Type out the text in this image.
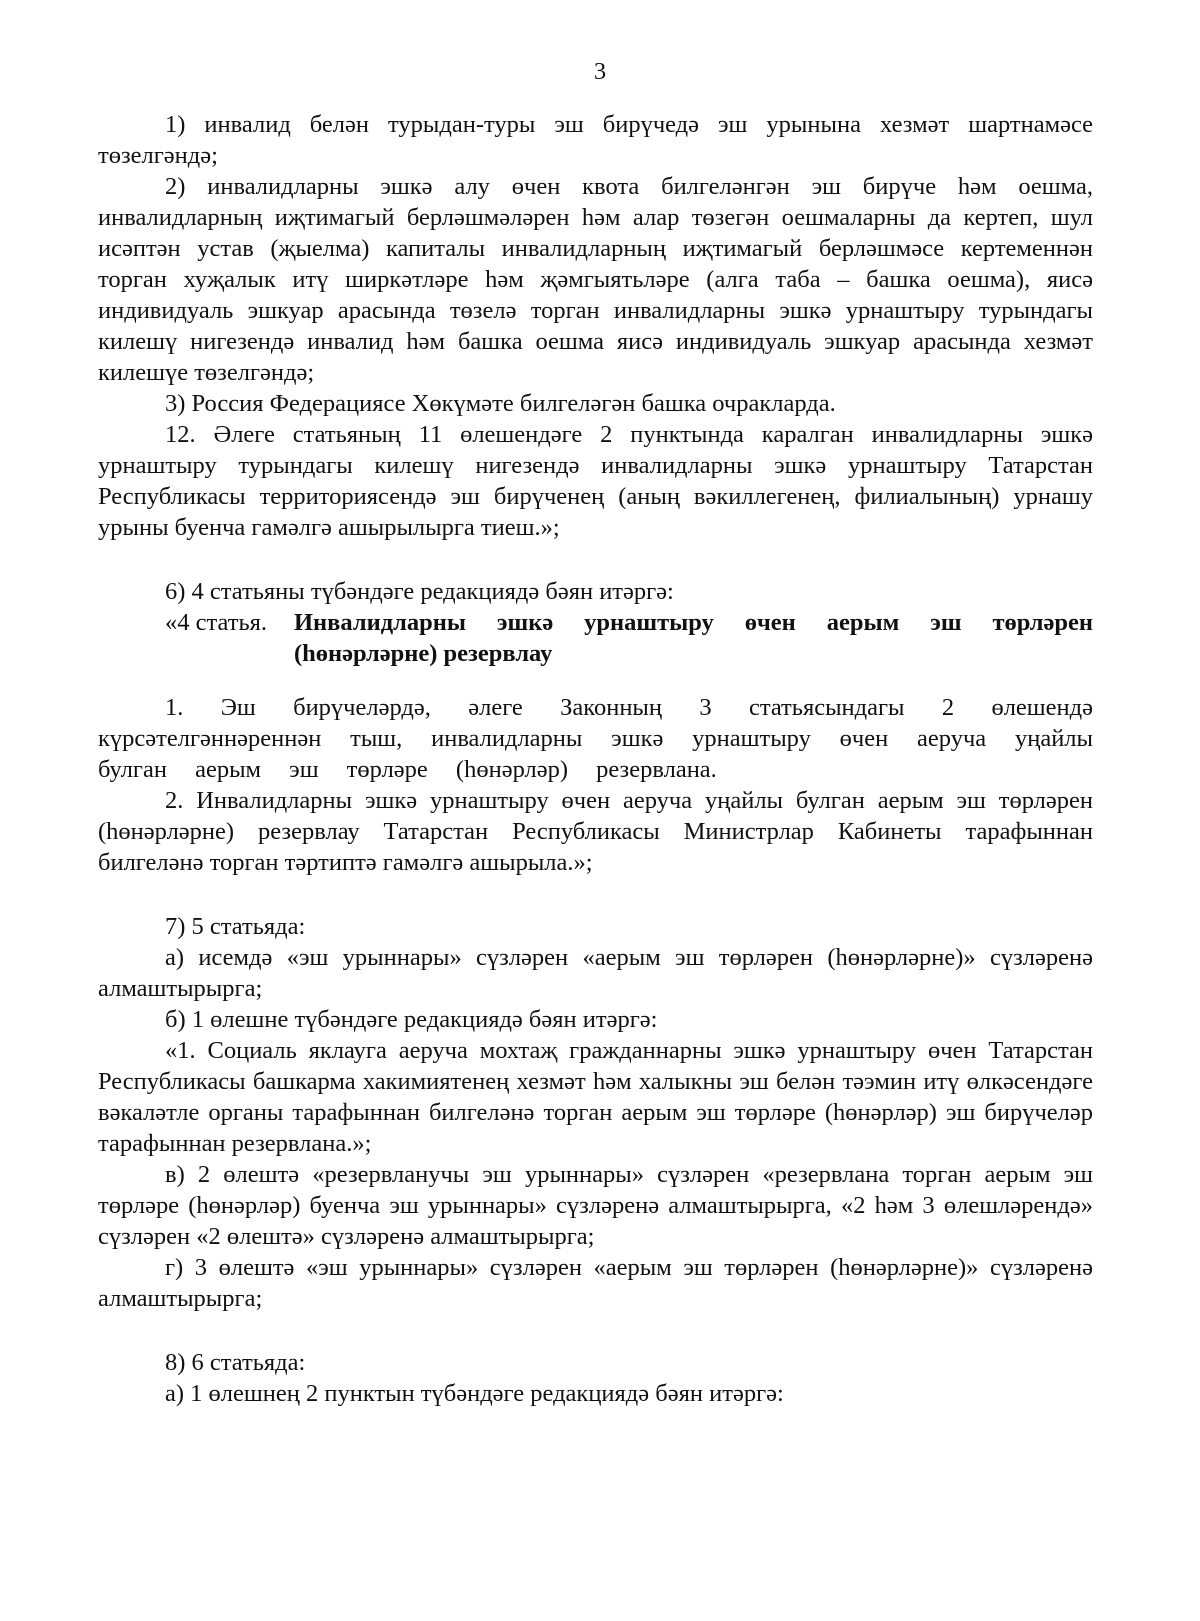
3

1) инвалид белән турыдан-туры эш бирүчедә эш урынына хезмәт шартнамәсе төзелгәндә;

2) инвалидларны эшкә алу өчен квота билгеләнгән эш бирүче һәм оешма, инвалидларның иҗтимагый берләшмәләрен һәм алар төзегән оешмаларны да кертеп, шул исәптән устав (җыелма) капиталы инвалидларның иҗтимагый берләшмәсе кертеменнән торган хуҗалык итү ширкәтләре һәм җәмгыятьләре (алга таба – башка оешма), яисә индивидуаль эшкуар арасында төзелә торган инвалидларны эшкә урнаштыру турындагы килешү нигезендә инвалид һәм башка оешма яисә индивидуаль эшкуар арасында хезмәт килешүе төзелгәндә;

3) Россия Федерациясе Хөкүмәте билгеләгән башка очракларда.

12. Әлеге статьяның 11 өлешендәге 2 пунктында каралган инвалидларны эшкә урнаштыру турындагы килешү нигезендә инвалидларны эшкә урнаштыру Татарстан Республикасы территориясендә эш бирүченең (аның вәкиллегенең, филиалының) урнашу урыны буенча гамәлгә ашырылырга тиеш.»;

6) 4 статьяны түбәндәге редакциядә бәян итәргә:

«4 статья. Инвалидларны эшкә урнаштыру өчен аерым эш төрләрен (һөнәрләрне) резервлау

1. Эш бирүчеләрдә, әлеге Законның 3 статьясындагы 2 өлешендә күрсәтелгәннәреннән тыш, инвалидларны эшкә урнаштыру өчен аеруча уңайлы булган аерым эш төрләре (һөнәрләр) резервлана.

2. Инвалидларны эшкә урнаштыру өчен аеруча уңайлы булган аерым эш төрләрен (һөнәрләрне) резервлау Татарстан Республикасы Министрлар Кабинеты тарафыннан билгеләнә торган тәртиптә гамәлгә ашырыла.»;

7) 5 статьяда:

а) исемдә «эш урыннары» сүзләрен «аерым эш төрләрен (һөнәрләрне)» сүзләренә алмаштырырга;

б) 1 өлешне түбәндәге редакциядә бәян итәргә:

«1. Социаль яклауга аеруча мохтаҗ гражданнарны эшкә урнаштыру өчен Татарстан Республикасы башкарма хакимиятенең хезмәт һәм халыкны эш белән тәэмин итү өлкәсендәге вәкаләтле органы тарафыннан билгеләнә торган аерым эш төрләре (һөнәрләр) эш бирүчеләр тарафыннан резервлана.»;

в) 2 өлештә «резервланучы эш урыннары» сүзләрен «резервлана торган аерым эш төрләре (һөнәрләр) буенча эш урыннары» сүзләренә алмаштырырга, «2 һәм 3 өлешләрендә» сүзләрен «2 өлештә» сүзләренә алмаштырырга;

г) 3 өлештә «эш урыннары» сүзләрен «аерым эш төрләрен (һөнәрләрне)» сүзләренә алмаштырырга;

8) 6 статьяда:

а) 1 өлешнең 2 пунктын түбәндәге редакциядә бәян итәргә:
